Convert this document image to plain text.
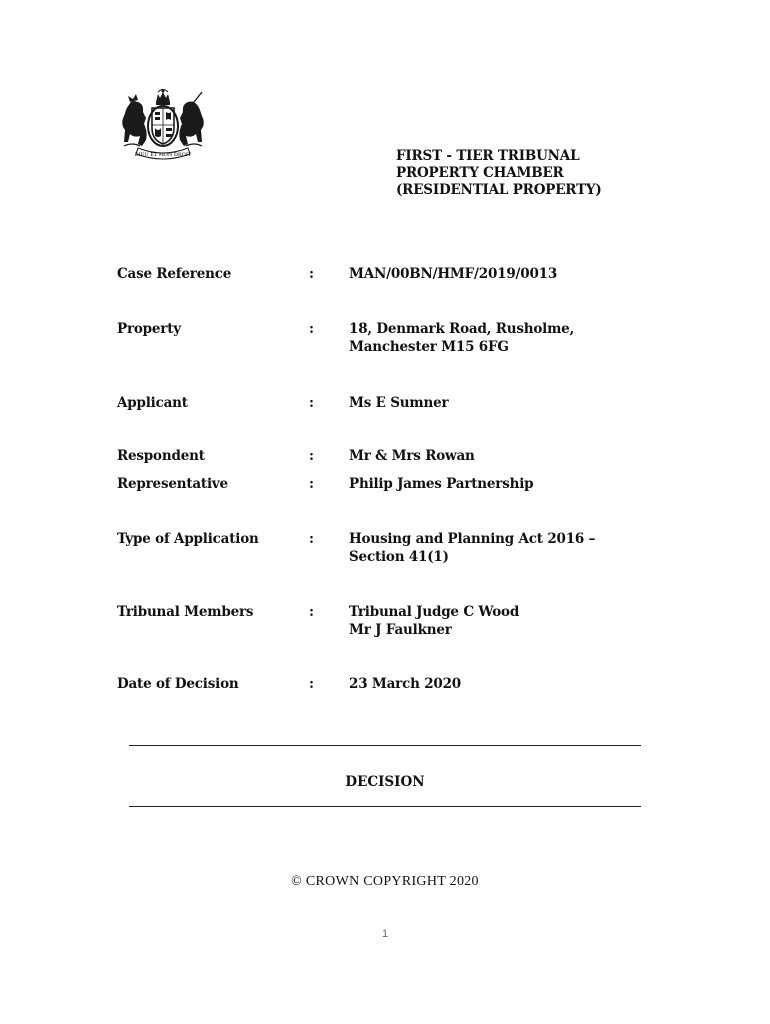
DIEU ET MON DROIT	FIRST - TIER TRIBUNAL
PROPERTY CHAMBER
(RESIDENTIAL PROPERTY)
Case Reference	:	MAN/00BN/HMF/2019/0013
Property	:	18, Denmark Road, Rusholme,
Manchester M15 6FG
Applicant	:	Ms E Sumner
Respondent	:	Mr & Mrs Rowan
Representative	:	Philip James Partnership
Type of Application	:	Housing and Planning Act 2016 –
Section 41(1)
Tribunal Members	:	Tribunal Judge C Wood
Mr J Faulkner
Date of Decision	:	23 March 2020
DECISION
© CROWN COPYRIGHT 2020
1
